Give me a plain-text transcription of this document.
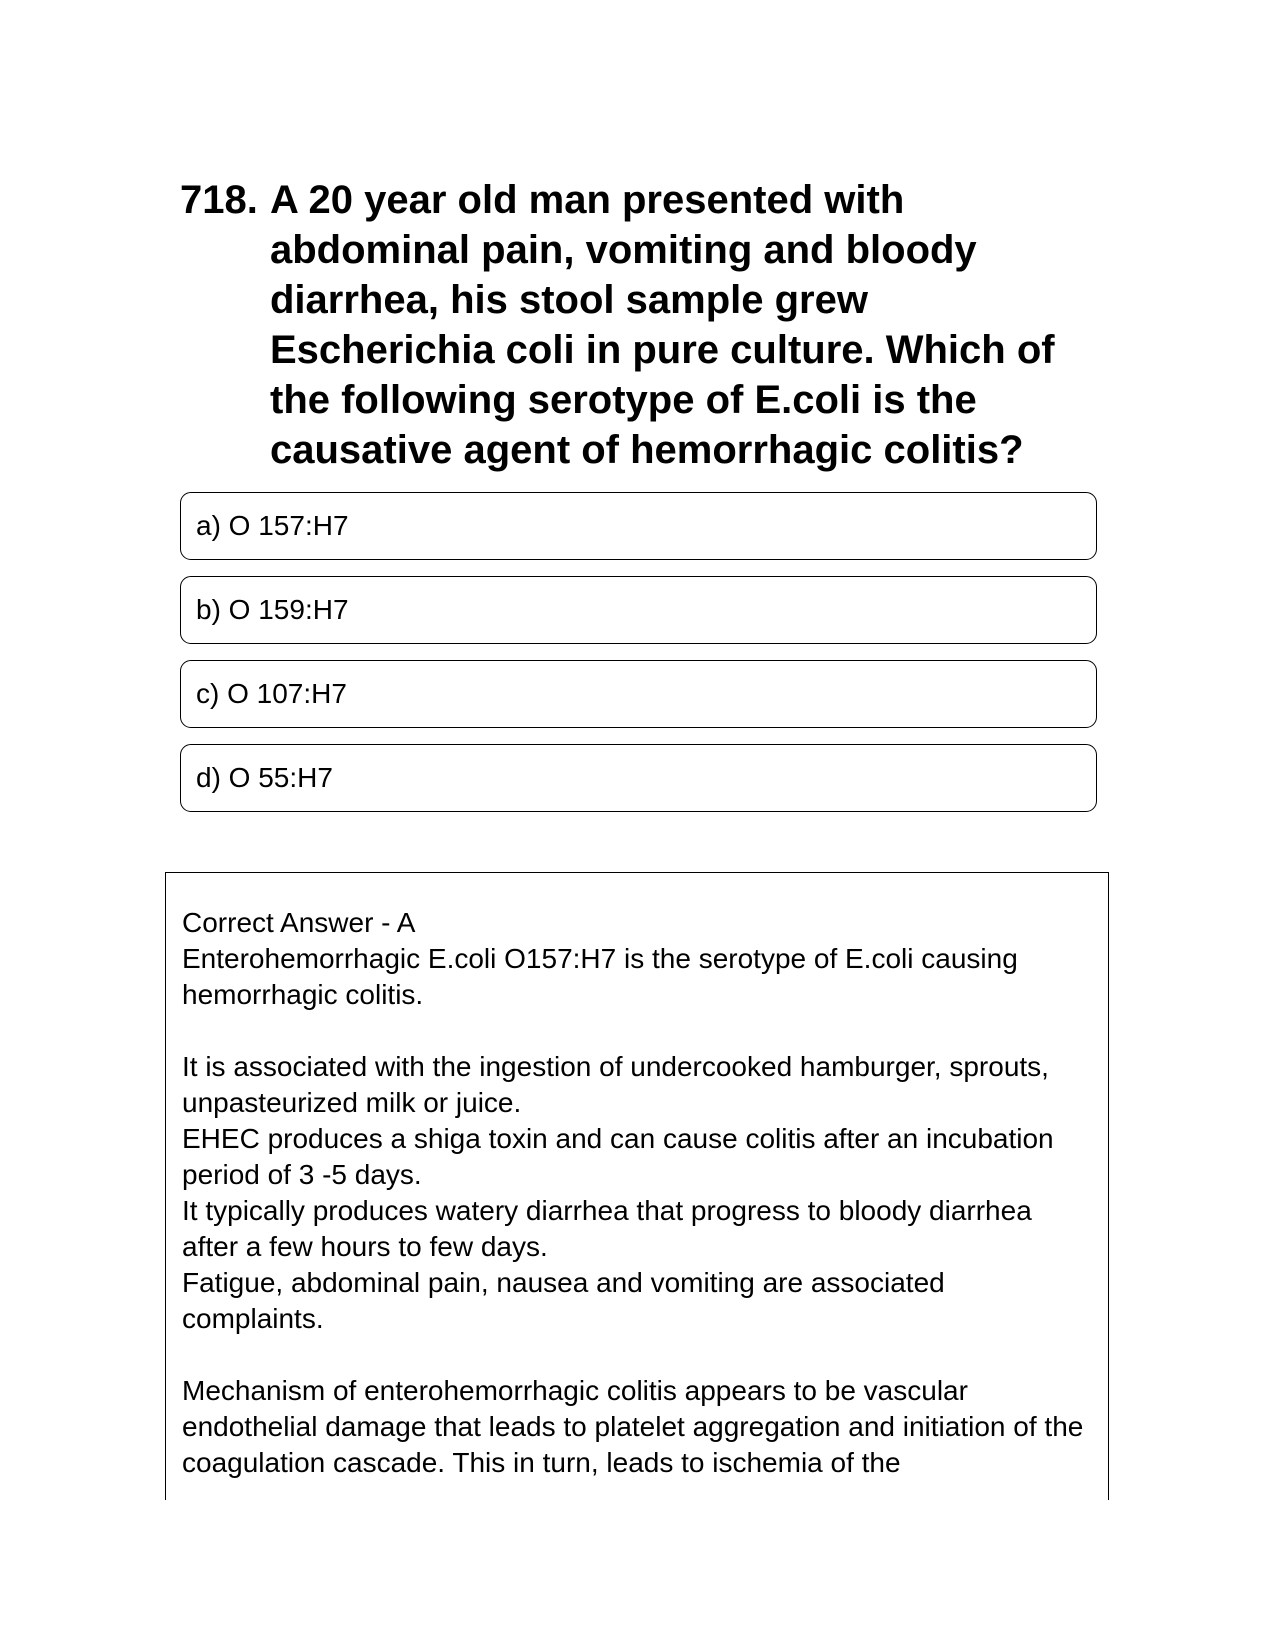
718. A 20 year old man presented with abdominal pain, vomiting and bloody diarrhea, his stool sample grew Escherichia coli in pure culture. Which of the following serotype of E.coli is the causative agent of hemorrhagic colitis?
a) O 157:H7
b) O 159:H7
c) O 107:H7
d) O 55:H7

Correct Answer - A

Enterohemorrhagic E.coli O157:H7 is the serotype of E.coli causing hemorrhagic colitis.

It is associated with the ingestion of undercooked hamburger, sprouts, unpasteurized milk or juice.

EHEC produces a shiga toxin and can cause colitis after an incubation period of 3 -5 days.

It typically produces watery diarrhea that progress to bloody diarrhea after a few hours to few days.

Fatigue, abdominal pain, nausea and vomiting are associated complaints.

Mechanism of enterohemorrhagic colitis appears to be vascular endothelial damage that leads to platelet aggregation and initiation of the coagulation cascade. This in turn, leads to ischemia of the
